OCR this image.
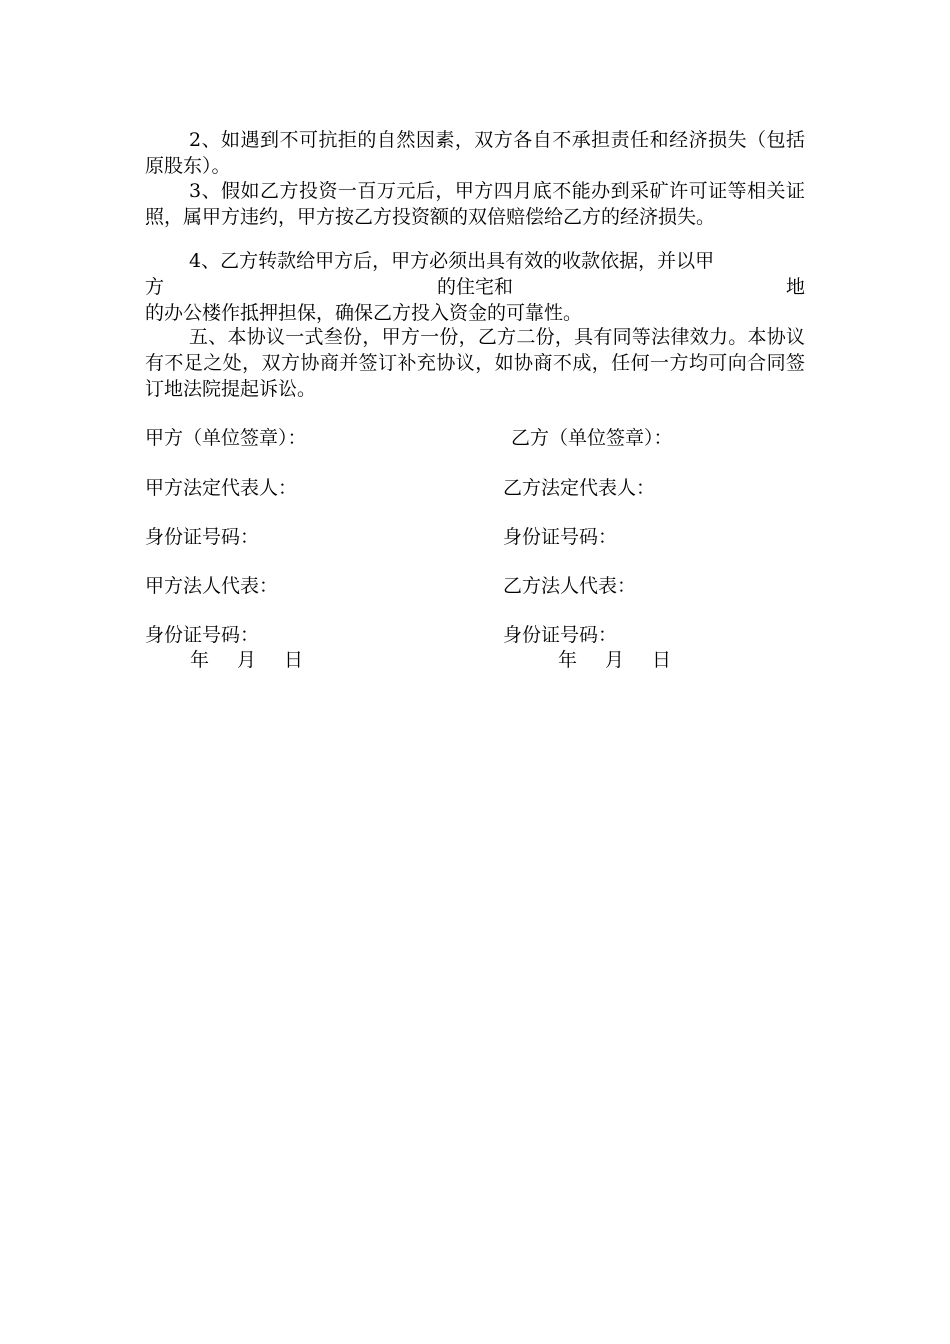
2、如遇到不可抗拒的自然因素，双方各自不承担责任和经济损失（包括原股东）。

3、假如乙方投资一百万元后，甲方四月底不能办到采矿许可证等相关证照，属甲方违约，甲方按乙方投资额的双倍赔偿给乙方的经济损失。

4、乙方转款给甲方后，甲方必须出具有效的收款依据，并以甲

方	的住宅和	地
的办公楼作抵押担保，确保乙方投入资金的可靠性。

五、本协议一式叁份，甲方一份，乙方二份，具有同等法律效力。本协议有不足之处，双方协商并签订补充协议，如协商不成，任何一方均可向合同签订地法院提起诉讼。

甲方（单位签章）：	乙方（单位签章）：
甲方法定代表人：	乙方法定代表人：
身份证号码：	身份证号码：
甲方法人代表：	乙方法人代表：
身份证号码：	身份证号码：
年 月 日	年 月 日
